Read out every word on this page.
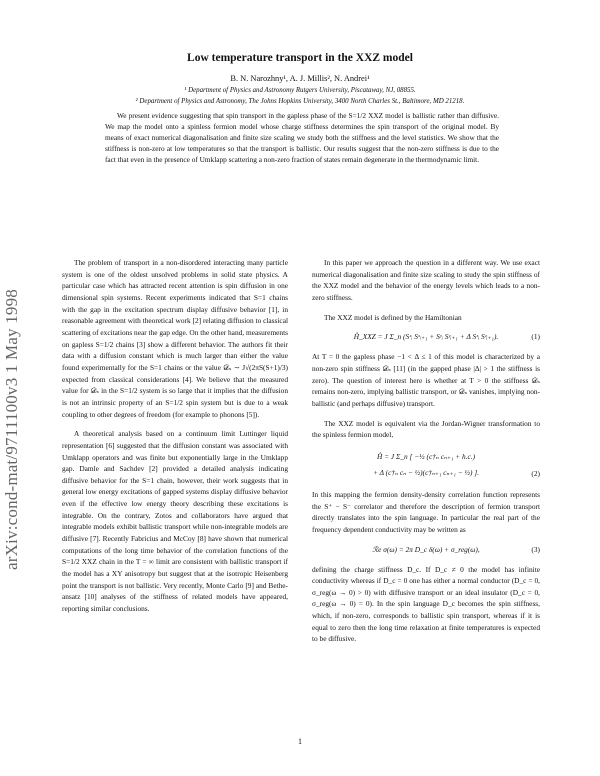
arXiv:cond-mat/9711100v3 1 May 1998
Low temperature transport in the XXZ model
B. N. Narozhny¹, A. J. Millis², N. Andrei¹
¹ Department of Physics and Astronomy Rutgers University, Piscataway, NJ, 08855.
² Department of Physics and Astronomy, The Johns Hopkins University, 3400 North Charles St., Baltimore, MD 21218.
We present evidence suggesting that spin transport in the gapless phase of the S=1/2 XXZ model is ballistic rather than diffusive. We map the model onto a spinless fermion model whose charge stiffness determines the spin transport of the original model. By means of exact numerical diagonalisation and finite size scaling we study both the stiffness and the level statistics. We show that the stiffness is non-zero at low temperatures so that the transport is ballistic. Our results suggest that the non-zero stiffness is due to the fact that even in the presence of Umklapp scattering a non-zero fraction of states remain degenerate in the thermodynamic limit.

The problem of transport in a non-disordered interacting many particle system is one of the oldest unsolved problems in solid state physics. A particular case which has attracted recent attention is spin diffusion in one dimensional spin systems. Recent experiments indicated that S=1 chains with the gap in the excitation spectrum display diffusive behavior [1], in reasonable agreement with theoretical work [2] relating diffusion to classical scattering of excitations near the gap edge. On the other hand, measurements on gapless S=1/2 chains [3] show a different behavior. The authors fit their data with a diffusion constant which is much larger than either the value found experimentally for the S=1 chains or the value 𝒟ₛ ∼ J√(2πS(S+1)/3) expected from classical considerations [4]. We believe that the measured value for 𝒟ₛ in the S=1/2 system is so large that it implies that the diffusion is not an intrinsic property of an S=1/2 spin system but is due to a weak coupling to other degrees of freedom (for example to phonons [5]).

A theoretical analysis based on a continuum limit Luttinger liquid representation [6] suggested that the diffusion constant was associated with Umklapp operators and was finite but exponentially large in the Umklapp gap. Damle and Sachdev [2] provided a detailed analysis indicating diffusive behavior for the S=1 chain, however, their work suggests that in general low energy excitations of gapped systems display diffusive behavior even if the effective low energy theory describing these excitations is integrable. On the contrary, Zotos and collaborators have argued that integrable models exhibit ballistic transport while non-integrable models are diffusive [7]. Recently Fabricius and McCoy [8] have shown that numerical computations of the long time behavior of the correlation functions of the S=1/2 XXZ chain in the T = ∞ limit are consistent with ballistic transport if the model has a XY anisotropy but suggest that at the isotropic Heisenberg point the transport is not ballistic. Very recently, Monte Carlo [9] and Bethe-ansatz [10] analyses of the stiffness of related models have appeared, reporting similar conclusions.

In this paper we approach the question in a different way. We use exact numerical diagonalisation and finite size scaling to study the spin stiffness of the XXZ model and the behavior of the energy levels which leads to a non-zero stiffness.

The XXZ model is defined by the Hamiltonian

Ĥ_XXZ = J Σ_n (Sˣᵢ Sˣᵢ₊₁ + Sʸᵢ Sʸᵢ₊₁ + Δ Sᶻᵢ Sᶻᵢ₊₁).	(1)

At T = 0 the gapless phase −1 < Δ ≤ 1 of this model is characterized by a non-zero spin stiffness 𝒟ₛ [11] (in the gapped phase |Δ| > 1 the stiffness is zero). The question of interest here is whether at T > 0 the stiffness 𝒟ₛ remains non-zero, implying ballistic transport, or 𝒟ₛ vanishes, implying non-ballistic (and perhaps diffusive) transport.

The XXZ model is equivalent via the Jordan-Wigner transformation to the spinless fermion model,

Ĥ = J Σ_n [ −½ (c†ₙ cₙ₊₁ + h.c.)
+ Δ (c†ₙ cₙ − ½)(c†ₙ₊₁ cₙ₊₁ − ½) ].	(2)

In this mapping the fermion density-density correlation function represents the S⁺ − S⁻ correlator and therefore the description of fermion transport directly translates into the spin language. In particular the real part of the frequency dependent conductivity may be written as

ℛe σ(ω) = 2π D_c δ(ω) + σ_reg(ω),	(3)

defining the charge stiffness D_c. If D_c ≠ 0 the model has infinite conductivity whereas if D_c = 0 one has either a normal conductor (D_c = 0, σ_reg(ω → 0) > 0) with diffusive transport or an ideal insulator (D_c = 0, σ_reg(ω → 0) = 0). In the spin language D_c becomes the spin stiffness, which, if non-zero, corresponds to ballistic spin transport, whereas if it is equal to zero then the long time relaxation at finite temperatures is expected to be diffusive.

1
